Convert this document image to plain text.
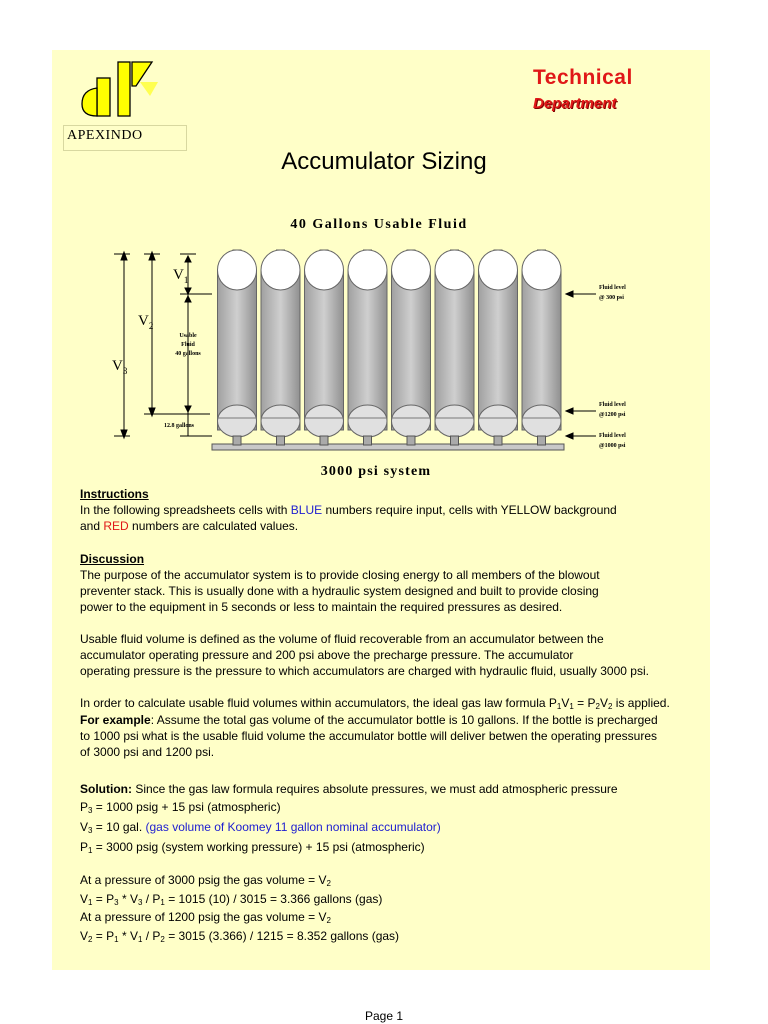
APEXINDO
Technical
Department
Accumulator Sizing
40 Gallons Usable Fluid
$V_1$
$V_2$
$V_3$
Usable
Fluid
40 gallons
12.8 gallons
Fluid level
@ 300 psi
Fluid level
@1200 psi
Fluid level
@1000 psi
3000 psi system
Instructions
In the following spreadsheets cells with BLUE numbers require input, cells with YELLOW background
and RED numbers are calculated values.
Discussion
The purpose of the accumulator system is to provide closing energy to all members of the blowout
preventer stack. This is usually done with a hydraulic system designed and built to provide closing
power to the equipment in 5 seconds or less to maintain the required pressures as desired.
Usable fluid volume is defined as the volume of fluid recoverable from an accumulator between the
accumulator operating pressure and 200 psi above the precharge pressure. The accumulator
operating pressure is the pressure to which accumulators are charged with hydraulic fluid, usually 3000 psi.
In order to calculate usable fluid volumes within accumulators, the ideal gas law formula $P_1V_1 = P_2V_2$ is applied.
For example: Assume the total gas volume of the accumulator bottle is 10 gallons. If the bottle is precharged
to 1000 psi what is the usable fluid volume the accumulator bottle will deliver betwen the operating pressures
of 3000 psi and 1200 psi.
Solution: Since the gas law formula requires absolute pressures, we must add atmospheric pressure
$P_3 = 1000$ psig + 15 psi (atmospheric)
$V_3 = 10$ gal. (gas volume of Koomey 11 gallon nominal accumulator)
$P_1 = 3000$ psig (system working pressure) + 15 psi (atmospheric)
At a pressure of 3000 psig the gas volume = $V_2$
$V_1 = P_3 * V_3 / P_1 = 1015$ (10) / 3015 = 3.366 gallons (gas)
At a pressure of 1200 psig the gas volume = $V_2$
$V_2 = P_1 * V_1 / P_2 = 3015$ (3.366) / 1215 = 8.352 gallons (gas)
Page 1
